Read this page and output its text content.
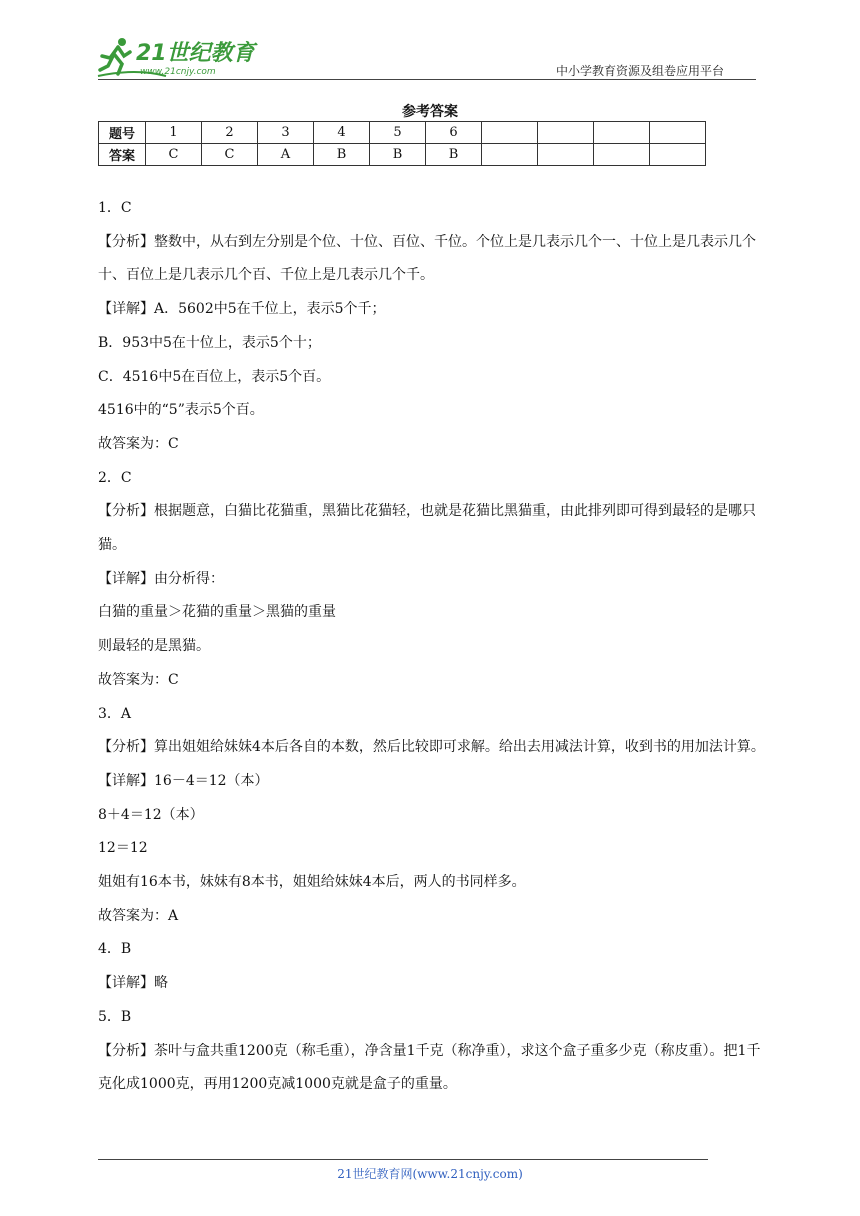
21世纪教育
www.21cnjy.com	中小学教育资源及组卷应用平台
参考答案
题号	1	2	3	4	5	6				
答案	C	C	A	B	B	B				
1．C
【分析】整数中，从右到左分别是个位、十位、百位、千位。个位上是几表示几个一、十位上是几表示几个十、百位上是几表示几个百、千位上是几表示几个千。
【详解】A．5602中5在千位上，表示5个千；
B．953中5在十位上，表示5个十；
C．4516中5在百位上，表示5个百。
4516中的“5”表示5个百。
故答案为：C
2．C
【分析】根据题意，白猫比花猫重，黑猫比花猫轻，也就是花猫比黑猫重，由此排列即可得到最轻的是哪只猫。
【详解】由分析得：
白猫的重量＞花猫的重量＞黑猫的重量
则最轻的是黑猫。
故答案为：C
3．A
【分析】算出姐姐给妹妹4本后各自的本数，然后比较即可求解。给出去用减法计算，收到书的用加法计算。
【详解】16－4＝12（本）
8＋4＝12（本）
12＝12
姐姐有16本书，妹妹有8本书，姐姐给妹妹4本后，两人的书同样多。
故答案为：A
4．B
【详解】略
5．B
【分析】茶叶与盒共重1200克（称毛重），净含量1千克（称净重），求这个盒子重多少克（称皮重）。把1千克化成1000克，再用1200克减1000克就是盒子的重量。
21世纪教育网(www.21cnjy.com)
